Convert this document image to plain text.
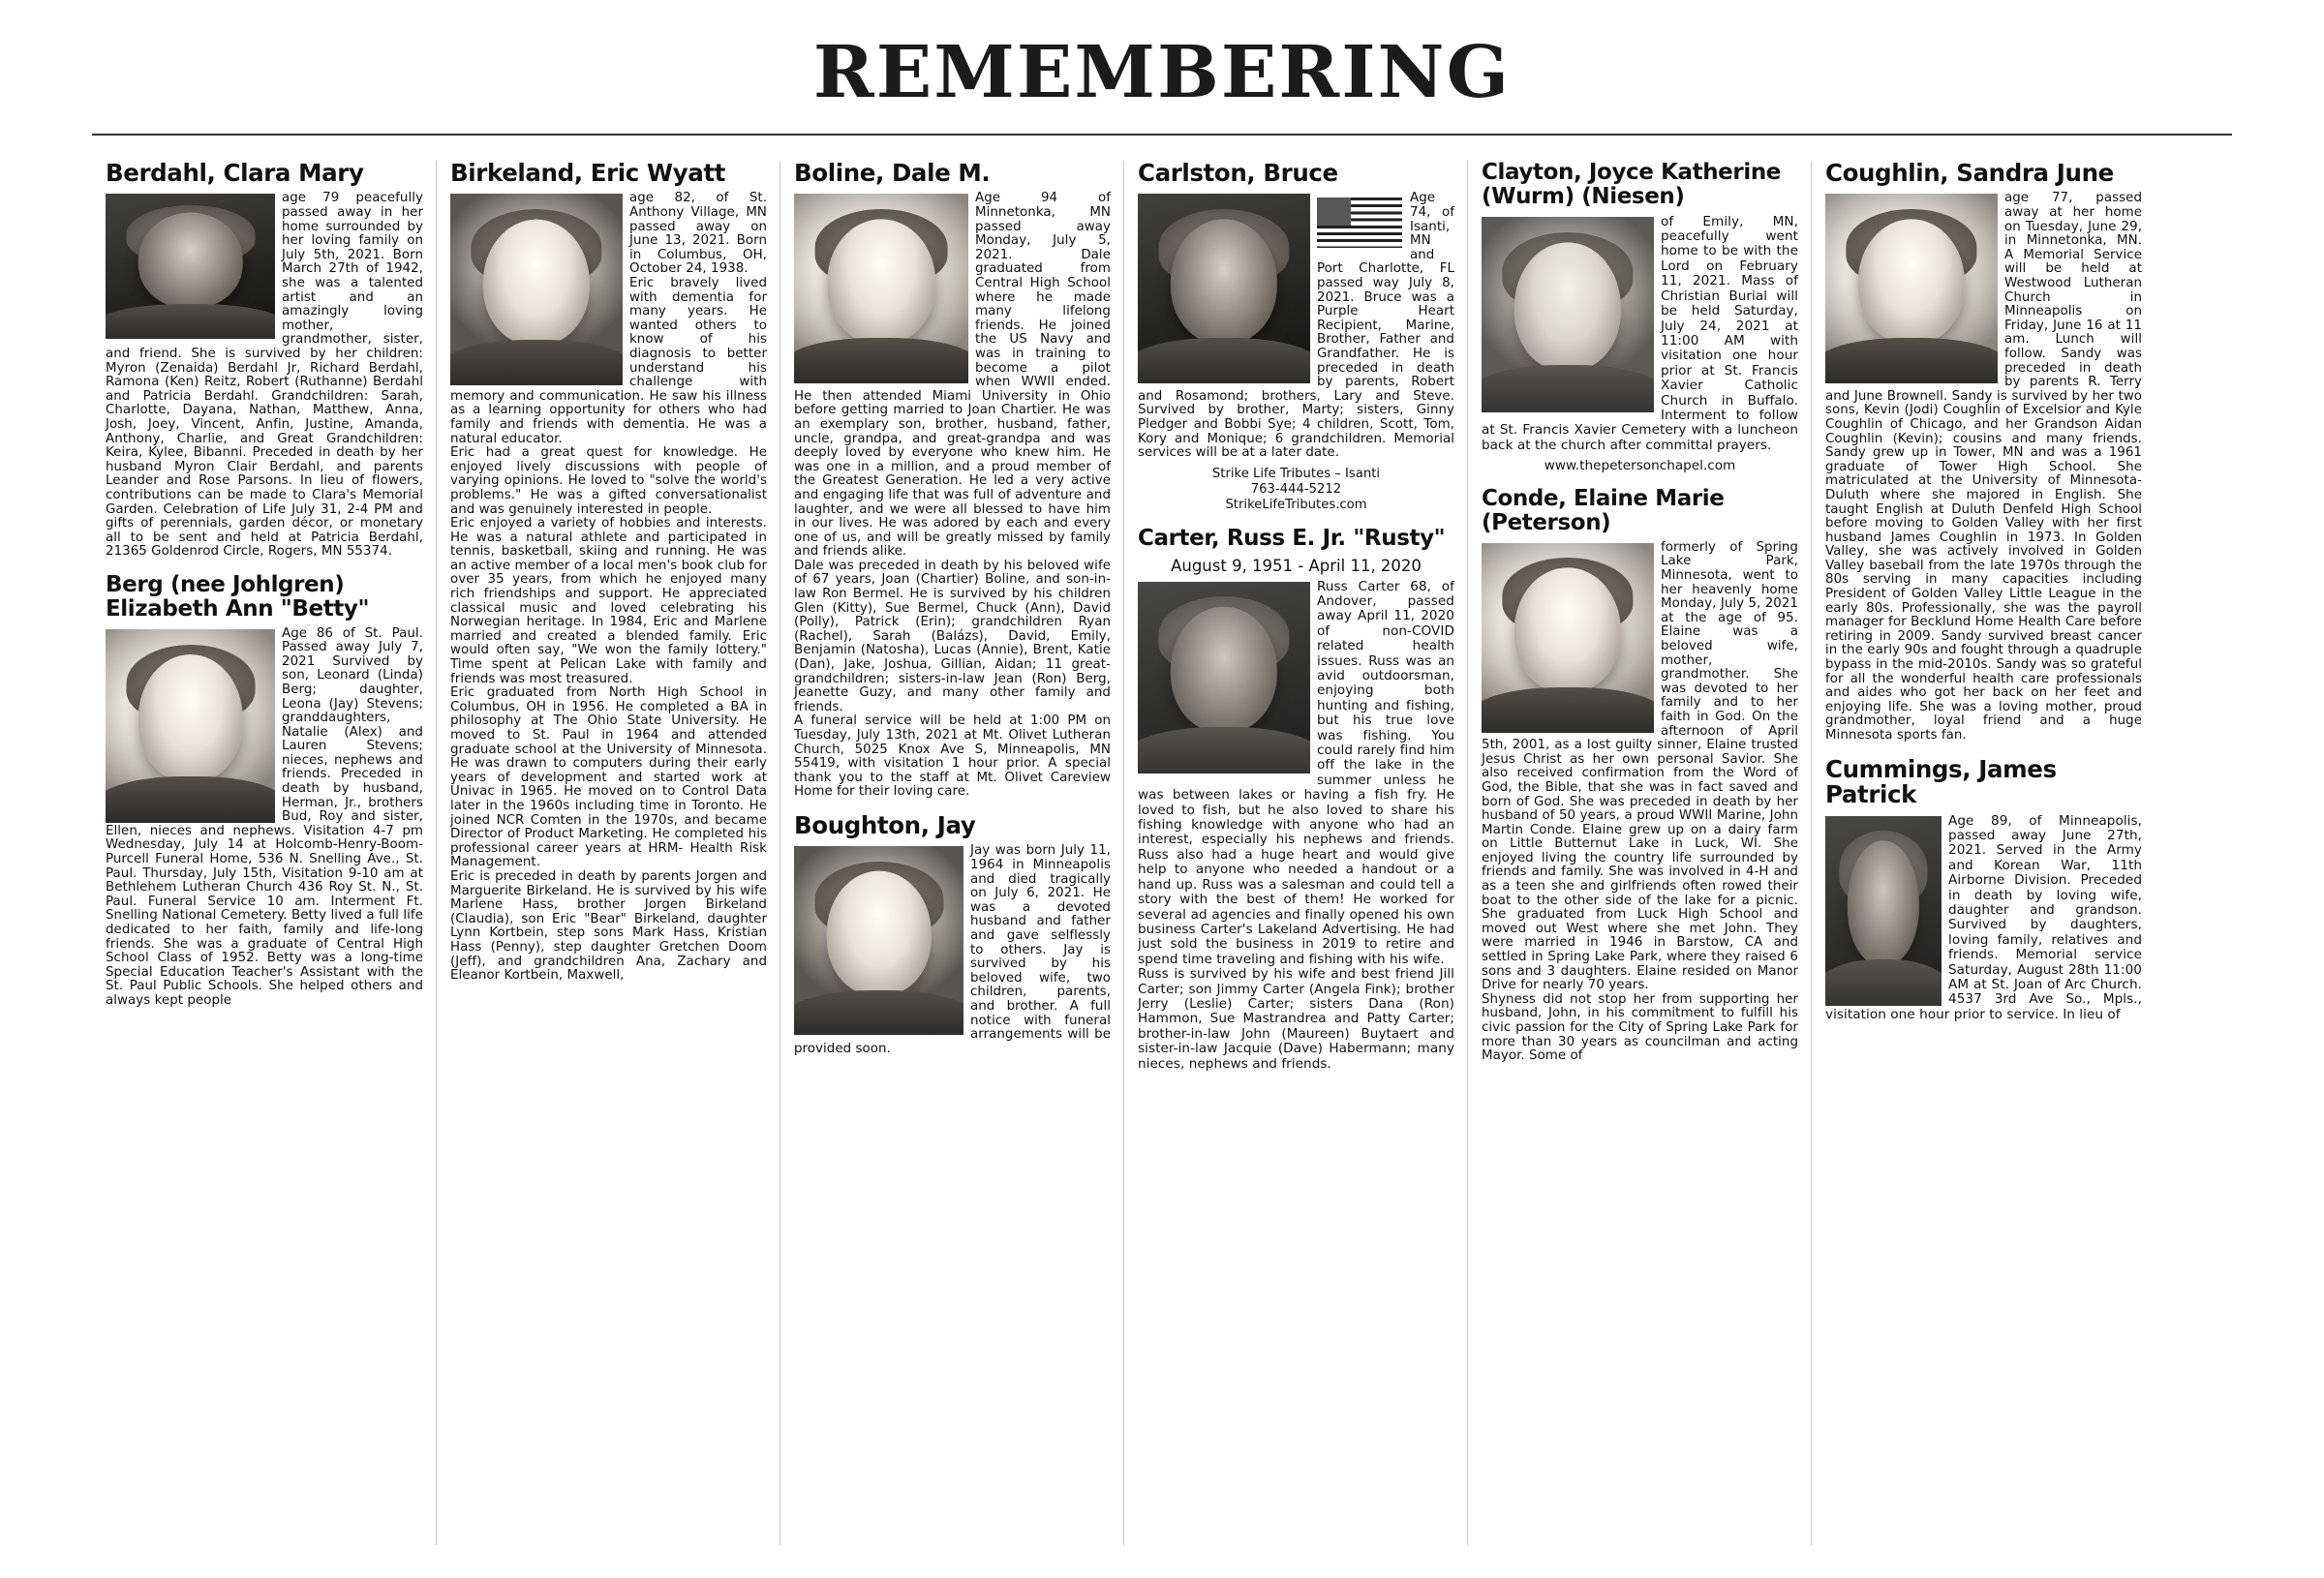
REMEMBERING
Berdahl, Clara Mary

age 79 peacefully passed away in her home surrounded by her loving family on July 5th, 2021. Born March 27th of 1942, she was a talented artist and an amazingly loving mother, grandmother, sister, and friend. She is survived by her children: Myron (Zenaida) Berdahl Jr, Richard Berdahl, Ramona (Ken) Reitz, Robert (Ruthanne) Berdahl and Patricia Berdahl. Grandchildren: Sarah, Charlotte, Dayana, Nathan, Matthew, Anna, Josh, Joey, Vincent, Anfin, Justine, Amanda, Anthony, Charlie, and Great Grandchildren: Keira, Kylee, Bibanni. Preceded in death by her husband Myron Clair Berdahl, and parents Leander and Rose Parsons. In lieu of flowers, contributions can be made to Clara's Memorial Garden. Celebration of Life July 31, 2-4 PM and gifts of perennials, garden décor, or monetary all to be sent and held at Patricia Berdahl, 21365 Goldenrod Circle, Rogers, MN 55374.

Berg (nee Johlgren) Elizabeth Ann "Betty"

Age 86 of St. Paul. Passed away July 7, 2021 Survived by son, Leonard (Linda) Berg; daughter, Leona (Jay) Stevens; granddaughters, Natalie (Alex) and Lauren Stevens; nieces, nephews and friends. Preceded in death by husband, Herman, Jr., brothers Bud, Roy and sister, Ellen, nieces and nephews. Visitation 4-7 pm Wednesday, July 14 at Holcomb-Henry-Boom-Purcell Funeral Home, 536 N. Snelling Ave., St. Paul. Thursday, July 15th, Visitation 9-10 am at Bethlehem Lutheran Church 436 Roy St. N., St. Paul. Funeral Service 10 am. Interment Ft. Snelling National Cemetery. Betty lived a full life dedicated to her faith, family and life-long friends. She was a graduate of Central High School Class of 1952. Betty was a long-time Special Education Teacher's Assistant with the St. Paul Public Schools. She helped others and always kept people

Birkeland, Eric Wyatt

age 82, of St. Anthony Village, MN passed away on June 13, 2021. Born in Columbus, OH, October 24, 1938.

Eric bravely lived with dementia for many years. He wanted others to know of his diagnosis to better understand his challenge with memory and communication. He saw his illness as a learning opportunity for others who had family and friends with dementia. He was a natural educator.

Eric had a great quest for knowledge. He enjoyed lively discussions with people of varying opinions. He loved to "solve the world's problems." He was a gifted conversationalist and was genuinely interested in people.

Eric enjoyed a variety of hobbies and interests. He was a natural athlete and participated in tennis, basketball, skiing and running. He was an active member of a local men's book club for over 35 years, from which he enjoyed many rich friendships and support. He appreciated classical music and loved celebrating his Norwegian heritage. In 1984, Eric and Marlene married and created a blended family. Eric would often say, "We won the family lottery." Time spent at Pelican Lake with family and friends was most treasured.

Eric graduated from North High School in Columbus, OH in 1956. He completed a BA in philosophy at The Ohio State University. He moved to St. Paul in 1964 and attended graduate school at the University of Minnesota. He was drawn to computers during their early years of development and started work at Univac in 1965. He moved on to Control Data later in the 1960s including time in Toronto. He joined NCR Comten in the 1970s, and became Director of Product Marketing. He completed his professional career years at HRM- Health Risk Management.

Eric is preceded in death by parents Jorgen and Marguerite Birkeland. He is survived by his wife Marlene Hass, brother Jorgen Birkeland (Claudia), son Eric "Bear" Birkeland, daughter Lynn Kortbein, step sons Mark Hass, Kristian Hass (Penny), step daughter Gretchen Doom (Jeff), and grandchildren Ana, Zachary and Eleanor Kortbein, Maxwell,

Boline, Dale M.

Age 94 of Minnetonka, MN passed away Monday, July 5, 2021. Dale graduated from Central High School where he made many lifelong friends. He joined the US Navy and was in training to become a pilot when WWII ended. He then attended Miami University in Ohio before getting married to Joan Chartier. He was an exemplary son, brother, husband, father, uncle, grandpa, and great-grandpa and was deeply loved by everyone who knew him. He was one in a million, and a proud member of the Greatest Generation. He led a very active and engaging life that was full of adventure and laughter, and we were all blessed to have him in our lives. He was adored by each and every one of us, and will be greatly missed by family and friends alike.

Dale was preceded in death by his beloved wife of 67 years, Joan (Chartier) Boline, and son-in-law Ron Bermel. He is survived by his children Glen (Kitty), Sue Bermel, Chuck (Ann), David (Polly), Patrick (Erin); grandchildren Ryan (Rachel), Sarah (Balázs), David, Emily, Benjamin (Natosha), Lucas (Annie), Brent, Katie (Dan), Jake, Joshua, Gillian, Aidan; 11 great-grandchildren; sisters-in-law Jean (Ron) Berg, Jeanette Guzy, and many other family and friends.

A funeral service will be held at 1:00 PM on Tuesday, July 13th, 2021 at Mt. Olivet Lutheran Church, 5025 Knox Ave S, Minneapolis, MN 55419, with visitation 1 hour prior. A special thank you to the staff at Mt. Olivet Careview Home for their loving care.

Boughton, Jay

Jay was born July 11, 1964 in Minneapolis and died tragically on July 6, 2021. He was a devoted husband and father and gave selflessly to others. Jay is survived by his beloved wife, two children, parents, and brother. A full notice with funeral arrangements will be provided soon.

Carlston, Bruce

Age 74, of Isanti, MN and Port Charlotte, FL passed way July 8, 2021. Bruce was a Purple Heart Recipient, Marine, Brother, Father and Grandfather. He is preceded in death by parents, Robert and Rosamond; brothers, Lary and Steve. Survived by brother, Marty; sisters, Ginny Pledger and Bobbi Sye; 4 children, Scott, Tom, Kory and Monique; 6 grandchildren. Memorial services will be at a later date.

Strike Life Tributes – Isanti
763-444-5212
StrikeLifeTributes.com
Carter, Russ E. Jr. "Rusty"
August 9, 1951 - April 11, 2020

Russ Carter 68, of Andover, passed away April 11, 2020 of non-COVID related health issues. Russ was an avid outdoorsman, enjoying both hunting and fishing, but his true love was fishing. You could rarely find him off the lake in the summer unless he was between lakes or having a fish fry. He loved to fish, but he also loved to share his fishing knowledge with anyone who had an interest, especially his nephews and friends. Russ also had a huge heart and would give help to anyone who needed a handout or a hand up. Russ was a salesman and could tell a story with the best of them! He worked for several ad agencies and finally opened his own business Carter's Lakeland Advertising. He had just sold the business in 2019 to retire and spend time traveling and fishing with his wife.

Russ is survived by his wife and best friend Jill Carter; son Jimmy Carter (Angela Fink); brother Jerry (Leslie) Carter; sisters Dana (Ron) Hammon, Sue Mastrandrea and Patty Carter; brother-in-law John (Maureen) Buytaert and sister-in-law Jacquie (Dave) Habermann; many nieces, nephews and friends.

Clayton, Joyce Katherine (Wurm) (Niesen)

of Emily, MN, peacefully went home to be with the Lord on February 11, 2021. Mass of Christian Burial will be held Saturday, July 24, 2021 at 11:00 AM with visitation one hour prior at St. Francis Xavier Catholic Church in Buffalo. Interment to follow at St. Francis Xavier Cemetery with a luncheon back at the church after committal prayers.

www.thepetersonchapel.com
Conde, Elaine Marie (Peterson)

formerly of Spring Lake Park, Minnesota, went to her heavenly home Monday, July 5, 2021 at the age of 95. Elaine was a beloved wife, mother, grandmother. She was devoted to her family and to her faith in God. On the afternoon of April 5th, 2001, as a lost guilty sinner, Elaine trusted Jesus Christ as her own personal Savior. She also received confirmation from the Word of God, the Bible, that she was in fact saved and born of God. She was preceded in death by her husband of 50 years, a proud WWII Marine, John Martin Conde. Elaine grew up on a dairy farm on Little Butternut Lake in Luck, WI. She enjoyed living the country life surrounded by friends and family. She was involved in 4-H and as a teen she and girlfriends often rowed their boat to the other side of the lake for a picnic. She graduated from Luck High School and moved out West where she met John. They were married in 1946 in Barstow, CA and settled in Spring Lake Park, where they raised 6 sons and 3 daughters. Elaine resided on Manor Drive for nearly 70 years.

Shyness did not stop her from supporting her husband, John, in his commitment to fulfill his civic passion for the City of Spring Lake Park for more than 30 years as councilman and acting Mayor. Some of

Coughlin, Sandra June

age 77, passed away at her home on Tuesday, June 29, in Minnetonka, MN. A Memorial Service will be held at Westwood Lutheran Church in Minneapolis on Friday, June 16 at 11 am. Lunch will follow. Sandy was preceded in death by parents R. Terry and June Brownell. Sandy is survived by her two sons, Kevin (Jodi) Coughlin of Excelsior and Kyle Coughlin of Chicago, and her Grandson Aidan Coughlin (Kevin); cousins and many friends. Sandy grew up in Tower, MN and was a 1961 graduate of Tower High School. She matriculated at the University of Minnesota-Duluth where she majored in English. She taught English at Duluth Denfeld High School before moving to Golden Valley with her first husband James Coughlin in 1973. In Golden Valley, she was actively involved in Golden Valley baseball from the late 1970s through the 80s serving in many capacities including President of Golden Valley Little League in the early 80s. Professionally, she was the payroll manager for Becklund Home Health Care before retiring in 2009. Sandy survived breast cancer in the early 90s and fought through a quadruple bypass in the mid-2010s. Sandy was so grateful for all the wonderful health care professionals and aides who got her back on her feet and enjoying life. She was a loving mother, proud grandmother, loyal friend and a huge Minnesota sports fan.

Cummings, James Patrick

Age 89, of Minneapolis, passed away June 27th, 2021. Served in the Army and Korean War, 11th Airborne Division. Preceded in death by loving wife, daughter and grandson. Survived by daughters, loving family, relatives and friends. Memorial service Saturday, August 28th 11:00 AM at St. Joan of Arc Church. 4537 3rd Ave So., Mpls., visitation one hour prior to service. In lieu of
